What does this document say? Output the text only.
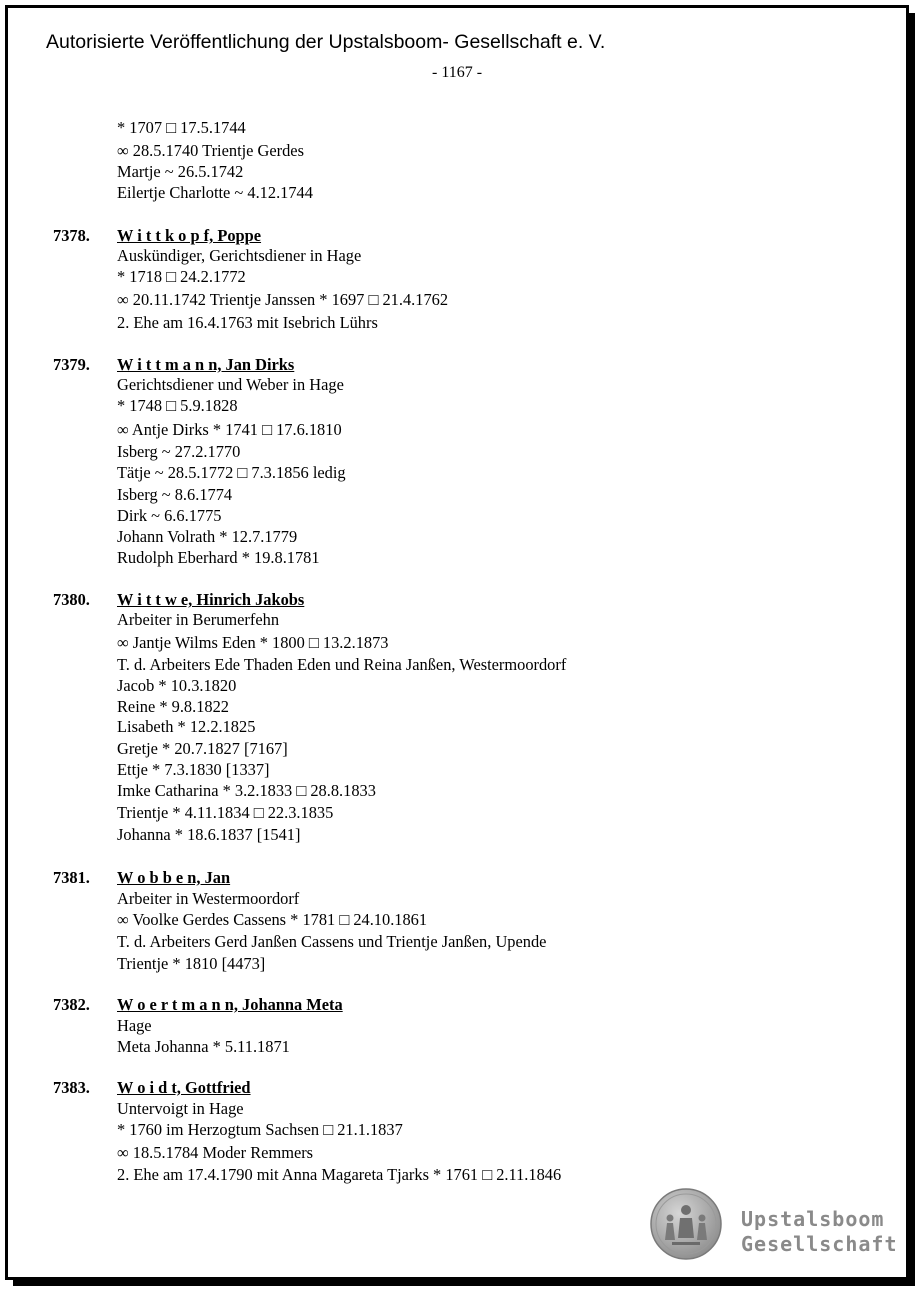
Autorisierte Veröffentlichung der Upstalsboom- Gesellschaft e. V.
- 1167 -
* 1707 □ 17.5.1744
∞ 28.5.1740 Trientje Gerdes
Martje ~ 26.5.1742
Eilertje Charlotte ~ 4.12.1744
7378. W i t t k o p f, Poppe
Auskündiger, Gerichtsdiener in Hage
* 1718 □ 24.2.1772
∞ 20.11.1742 Trientje Janssen * 1697 □ 21.4.1762
2. Ehe am 16.4.1763 mit Isebrich Lührs
7379. W i t t m a n n, Jan Dirks
Gerichtsdiener und Weber in Hage
* 1748 □ 5.9.1828
∞ Antje Dirks * 1741 □ 17.6.1810
Isberg ~ 27.2.1770
Tätje ~ 28.5.1772 □ 7.3.1856 ledig
Isberg ~ 8.6.1774
Dirk ~ 6.6.1775
Johann Volrath * 12.7.1779
Rudolph Eberhard * 19.8.1781
7380. W i t t w e, Hinrich Jakobs
Arbeiter in Berumerfehn
∞ Jantje Wilms Eden * 1800 □ 13.2.1873
T. d. Arbeiters Ede Thaden Eden und Reina Janßen, Westermoordorf
Jacob * 10.3.1820
Reine * 9.8.1822
Lisabeth * 12.2.1825
Gretje * 20.7.1827 [7167]
Ettje * 7.3.1830 [1337]
Imke Catharina * 3.2.1833 □ 28.8.1833
Trientje * 4.11.1834 □ 22.3.1835
Johanna * 18.6.1837 [1541]
7381. W o b b e n, Jan
Arbeiter in Westermoordorf
∞ Voolke Gerdes Cassens * 1781 □ 24.10.1861
T. d. Arbeiters Gerd Janßen Cassens und Trientje Janßen, Upende
Trientje * 1810 [4473]
7382. W o e r t m a n n, Johanna Meta
Hage
Meta Johanna * 5.11.1871
7383. W o i d t, Gottfried
Untervoigt in Hage
* 1760 im Herzogtum Sachsen □ 21.1.1837
∞ 18.5.1784 Moder Remmers
2. Ehe am 17.4.1790 mit Anna Magareta Tjarks * 1761 □ 2.11.1846
Upstalsboom
Gesellschaft
